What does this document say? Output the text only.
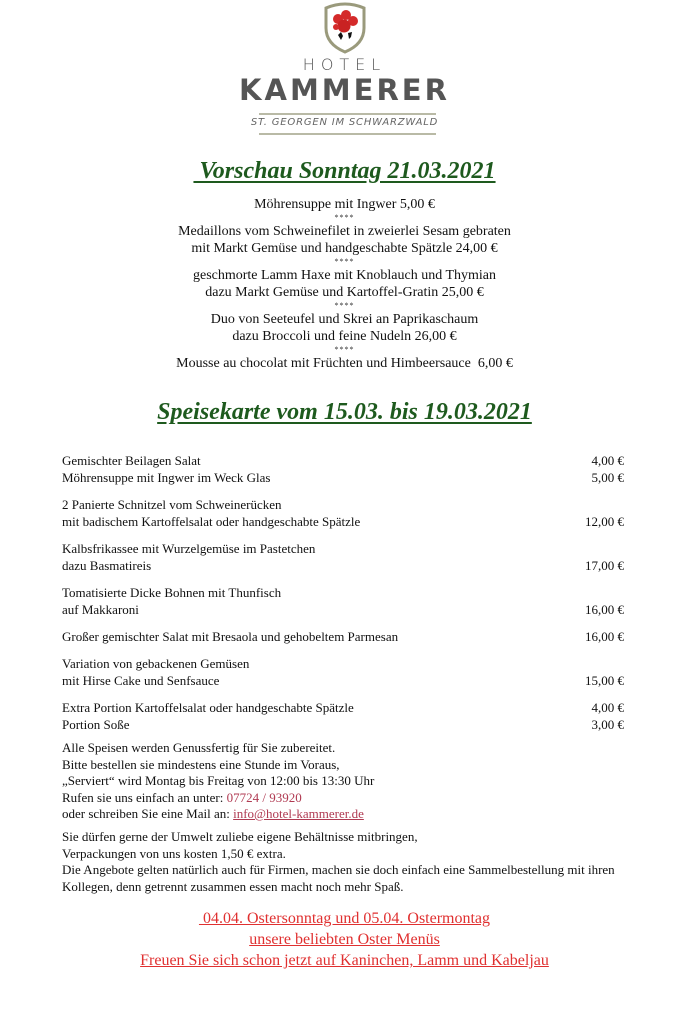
HOTEL
KAMMERER
ST. GEORGEN IM SCHWARZWALD
Vorschau Sonntag 21.03.2021
Möhrensuppe mit Ingwer 5,00 €
****
Medaillons vom Schweinefilet in zweierlei Sesam gebraten
mit Markt Gemüse und handgeschabte Spätzle 24,00 €
****
geschmorte Lamm Haxe mit Knoblauch und Thymian
dazu Markt Gemüse und Kartoffel-Gratin 25,00 €
****
Duo von Seeteufel und Skrei an Paprikaschaum
dazu Broccoli und feine Nudeln 26,00 €
****
Mousse au chocolat mit Früchten und Himbeersauce  6,00 €
Speisekarte vom 15.03. bis 19.03.2021
Gemischter Beilagen Salat	4,00 €
Möhrensuppe mit Ingwer im Weck Glas	5,00 €
2 Panierte Schnitzel vom Schweinerücken
mit badischem Kartoffelsalat oder handgeschabte Spätzle	12,00 €
Kalbsfrikassee mit Wurzelgemüse im Pastetchen
dazu Basmatireis	17,00 €
Tomatisierte Dicke Bohnen mit Thunfisch
auf Makkaroni	16,00 €
Großer gemischter Salat mit Bresaola und gehobeltem Parmesan	16,00 €
Variation von gebackenen Gemüsen
mit Hirse Cake und Senfsauce	15,00 €
Extra Portion Kartoffelsalat oder handgeschabte Spätzle	4,00 €
Portion Soße	3,00 €
Alle Speisen werden Genussfertig für Sie zubereitet.
Bitte bestellen sie mindestens eine Stunde im Voraus,
„Serviert“ wird Montag bis Freitag von 12:00 bis 13:30 Uhr
Rufen sie uns einfach an unter: 07724 / 93920
oder schreiben Sie eine Mail an: info@hotel-kammerer.de
Sie dürfen gerne der Umwelt zuliebe eigene Behältnisse mitbringen,
Verpackungen von uns kosten 1,50 € extra.
Die Angebote gelten natürlich auch für Firmen, machen sie doch einfach eine Sammelbestellung mit ihren
Kollegen, denn getrennt zusammen essen macht noch mehr Spaß.
04.04. Ostersonntag und 05.04. Ostermontag
unsere beliebten Oster Menüs
Freuen Sie sich schon jetzt auf Kaninchen, Lamm und Kabeljau
